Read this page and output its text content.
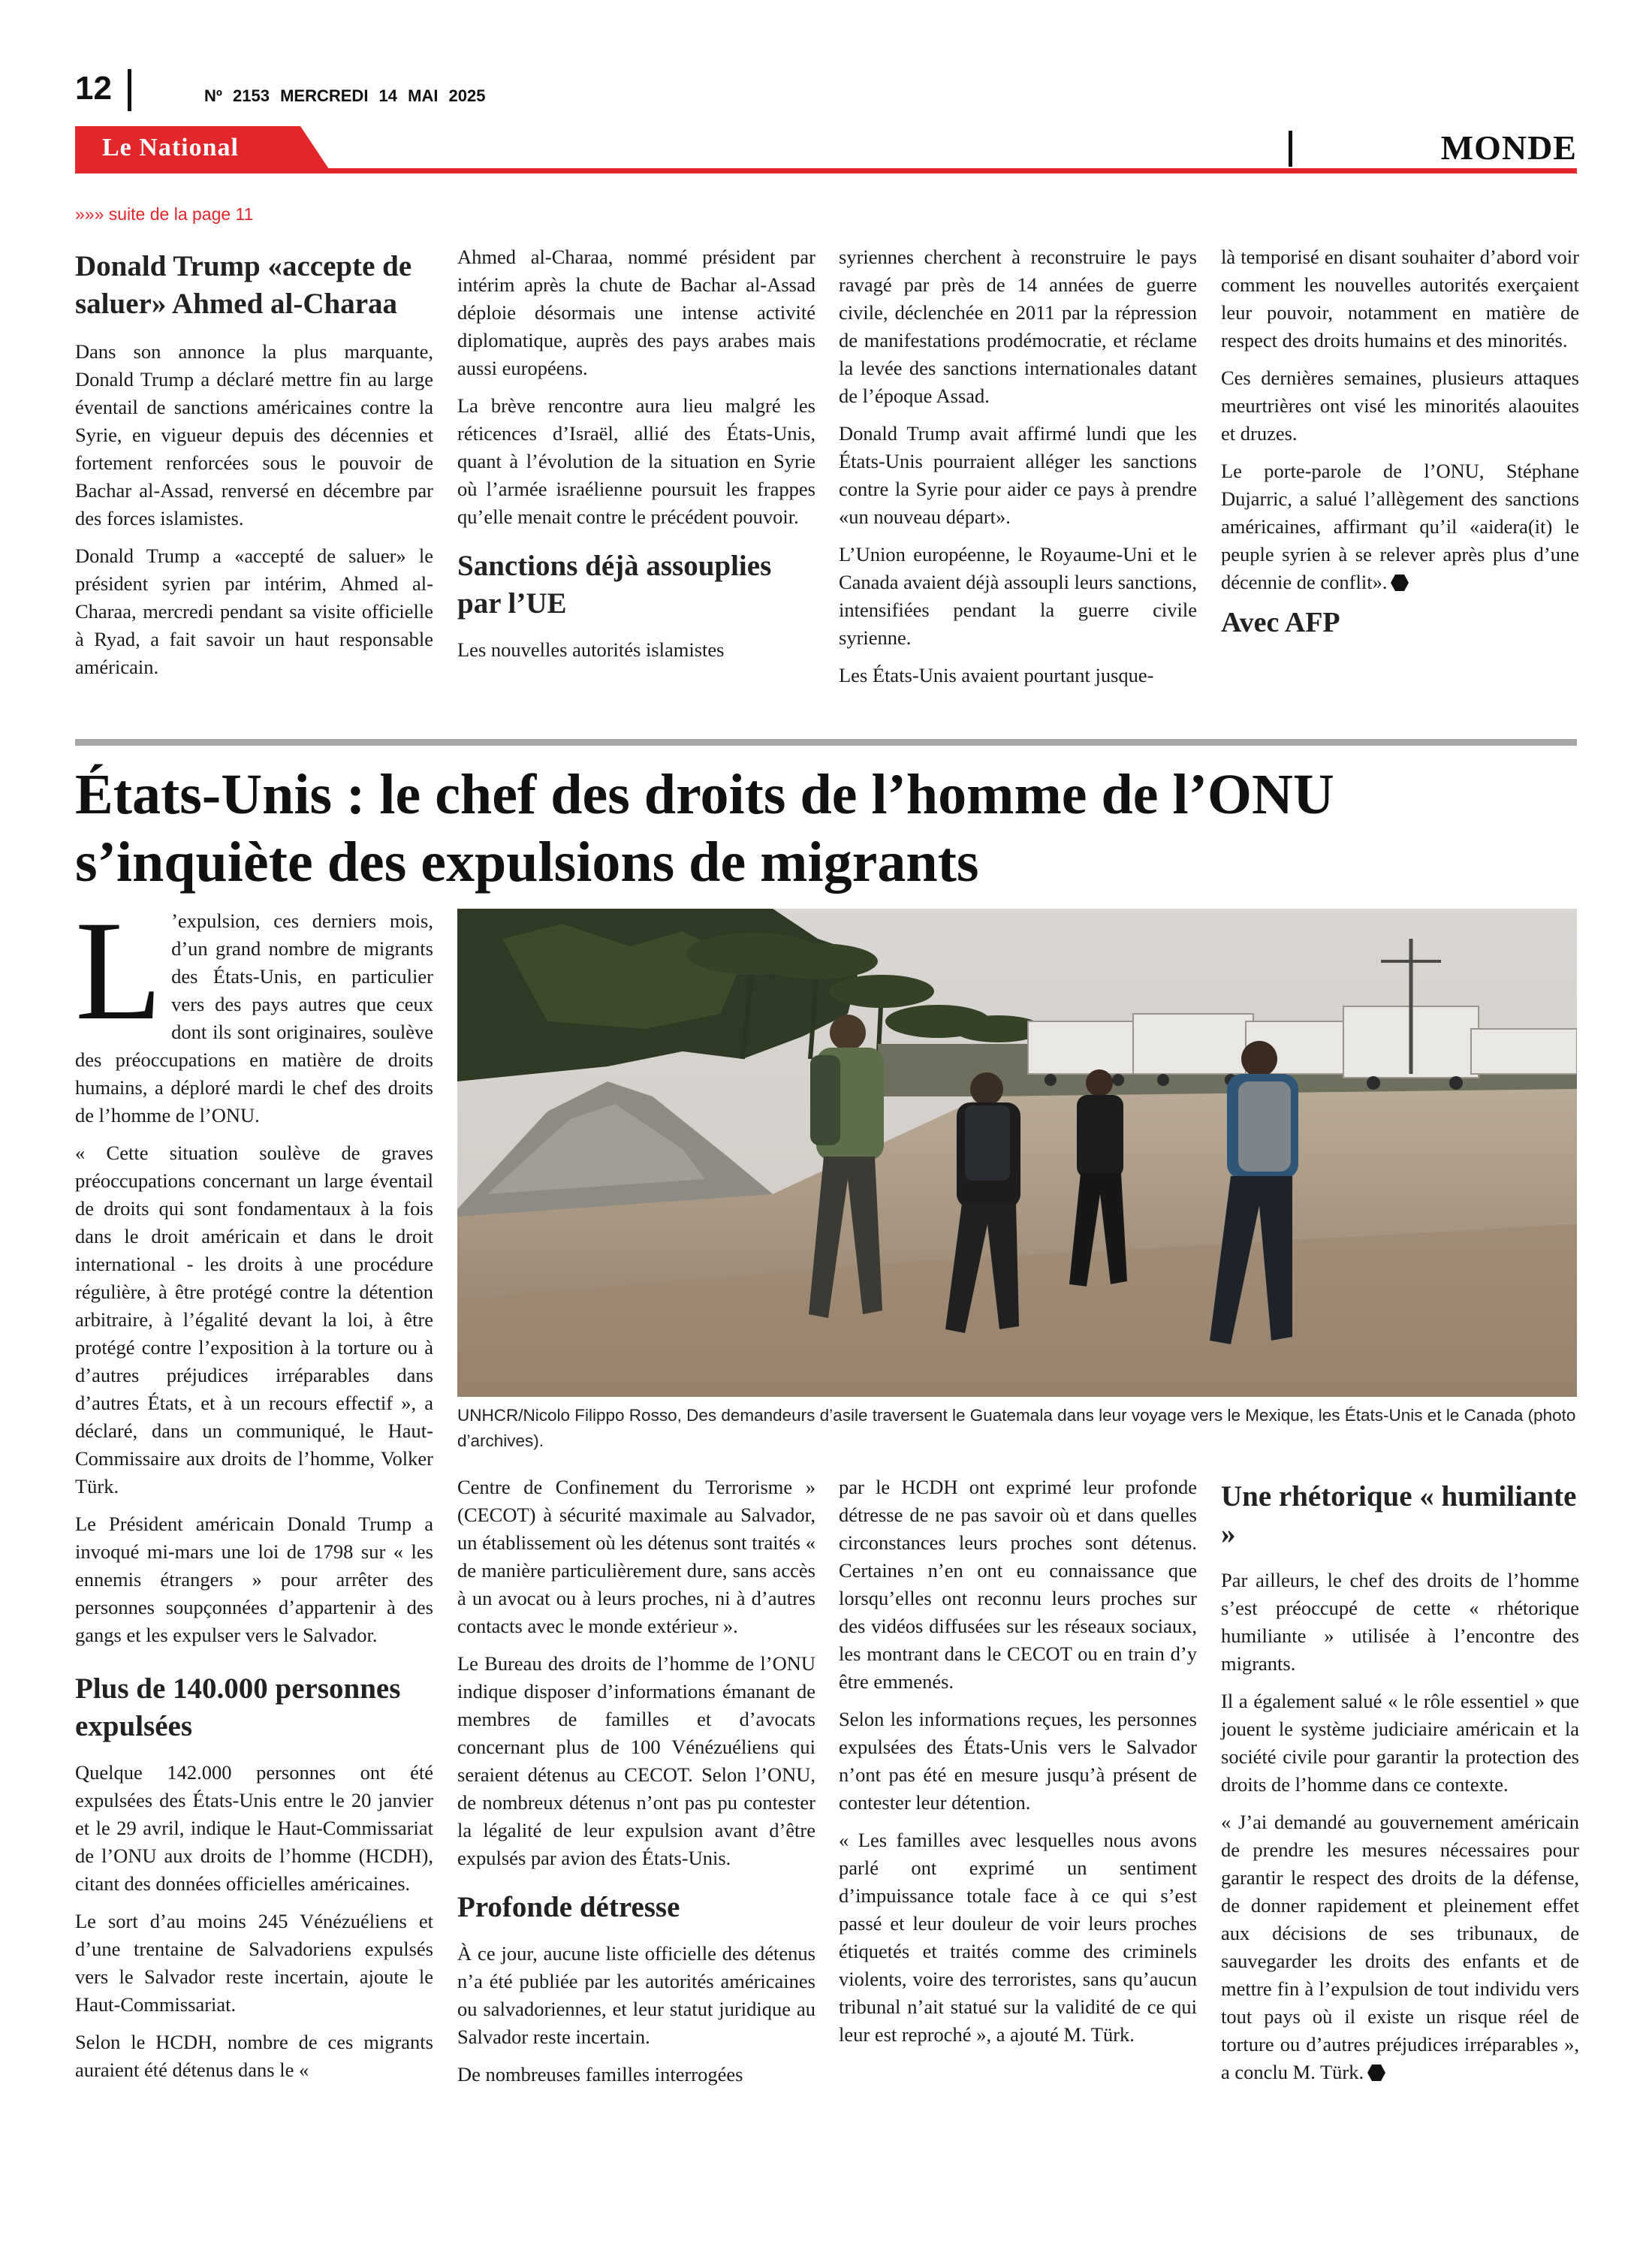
12	Nº 2153 MERCREDI 14 MAI 2025
Le National	MONDE
»»» suite de la page 11
Donald Trump «accepte de saluer» Ahmed al-Charaa

Dans son annonce la plus marquante, Donald Trump a déclaré mettre fin au large éventail de sanctions américaines contre la Syrie, en vigueur depuis des décennies et fortement renforcées sous le pouvoir de Bachar al-Assad, renversé en décembre par des forces islamistes.

Donald Trump a «accepté de saluer» le président syrien par intérim, Ahmed al-Charaa, mercredi pendant sa visite officielle à Ryad, a fait savoir un haut responsable américain.

Ahmed al-Charaa, nommé président par intérim après la chute de Bachar al-Assad déploie désormais une intense activité diplomatique, auprès des pays arabes mais aussi européens.

La brève rencontre aura lieu malgré les réticences d’Israël, allié des États-Unis, quant à l’évolution de la situation en Syrie où l’armée israélienne poursuit les frappes qu’elle menait contre le précédent pouvoir.

Sanctions déjà assouplies par l’UE

Les nouvelles autorités islamistes

syriennes cherchent à reconstruire le pays ravagé par près de 14 années de guerre civile, déclenchée en 2011 par la répression de manifestations prodémocratie, et réclame la levée des sanctions internationales datant de l’époque Assad.

Donald Trump avait affirmé lundi que les États-Unis pourraient alléger les sanctions contre la Syrie pour aider ce pays à prendre «un nouveau départ».

L’Union européenne, le Royaume-Uni et le Canada avaient déjà assoupli leurs sanctions, intensifiées pendant la guerre civile syrienne.

Les États-Unis avaient pourtant jusque-

là temporisé en disant souhaiter d’abord voir comment les nouvelles autorités exerçaient leur pouvoir, notamment en matière de respect des droits humains et des minorités.

Ces dernières semaines, plusieurs attaques meurtrières ont visé les minorités alaouites et druzes.

Le porte-parole de l’ONU, Stéphane Dujarric, a salué l’allègement des sanctions américaines, affirmant qu’il «aidera(it) le peuple syrien à se relever après plus d’une décennie de conflit».

Avec AFP
États-Unis : le chef des droits de l’homme de l’ONU s’inquiète des expulsions de migrants

L ’expulsion, ces derniers mois, d’un grand nombre de migrants des États-Unis, en particulier vers des pays autres que ceux dont ils sont originaires, soulève des préoccupations en matière de droits humains, a déploré mardi le chef des droits de l’homme de l’ONU.

« Cette situation soulève de graves préoccupations concernant un large éventail de droits qui sont fondamentaux à la fois dans le droit américain et dans le droit international - les droits à une procédure régulière, à être protégé contre la détention arbitraire, à l’égalité devant la loi, à être protégé contre l’exposition à la torture ou à d’autres préjudices irréparables dans d’autres États, et à un recours effectif », a déclaré, dans un communiqué, le Haut-Commissaire aux droits de l’homme, Volker Türk.

Le Président américain Donald Trump a invoqué mi-mars une loi de 1798 sur « les ennemis étrangers » pour arrêter des personnes soupçonnées d’appartenir à des gangs et les expulser vers le Salvador.

Plus de 140.000 personnes expulsées

Quelque 142.000 personnes ont été expulsées des États-Unis entre le 20 janvier et le 29 avril, indique le Haut-Commissariat de l’ONU aux droits de l’homme (HCDH), citant des données officielles américaines.

Le sort d’au moins 245 Vénézuéliens et d’une trentaine de Salvadoriens expulsés vers le Salvador reste incertain, ajoute le Haut-Commissariat.

Selon le HCDH, nombre de ces migrants auraient été détenus dans le «

UNHCR/Nicolo Filippo Rosso, Des demandeurs d’asile traversent le Guatemala dans leur voyage vers le Mexique, les États-Unis et le Canada (photo d’archives).

Centre de Confinement du Terrorisme » (CECOT) à sécurité maximale au Salvador, un établissement où les détenus sont traités « de manière particulièrement dure, sans accès à un avocat ou à leurs proches, ni à d’autres contacts avec le monde extérieur ».

Le Bureau des droits de l’homme de l’ONU indique disposer d’informations émanant de membres de familles et d’avocats concernant plus de 100 Vénézuéliens qui seraient détenus au CECOT. Selon l’ONU, de nombreux détenus n’ont pas pu contester la légalité de leur expulsion avant d’être expulsés par avion des États-Unis.

Profonde détresse

À ce jour, aucune liste officielle des détenus n’a été publiée par les autorités américaines ou salvadoriennes, et leur statut juridique au Salvador reste incertain.

De nombreuses familles interrogées

par le HCDH ont exprimé leur profonde détresse de ne pas savoir où et dans quelles circonstances leurs proches sont détenus. Certaines n’en ont eu connaissance que lorsqu’elles ont reconnu leurs proches sur des vidéos diffusées sur les réseaux sociaux, les montrant dans le CECOT ou en train d’y être emmenés.

Selon les informations reçues, les personnes expulsées des États-Unis vers le Salvador n’ont pas été en mesure jusqu’à présent de contester leur détention.

« Les familles avec lesquelles nous avons parlé ont exprimé un sentiment d’impuissance totale face à ce qui s’est passé et leur douleur de voir leurs proches étiquetés et traités comme des criminels violents, voire des terroristes, sans qu’aucun tribunal n’ait statué sur la validité de ce qui leur est reproché », a ajouté M. Türk.

Une rhétorique « humiliante »

Par ailleurs, le chef des droits de l’homme s’est préoccupé de cette « rhétorique humiliante » utilisée à l’encontre des migrants.

Il a également salué « le rôle essentiel » que jouent le système judiciaire américain et la société civile pour garantir la protection des droits de l’homme dans ce contexte.

« J’ai demandé au gouvernement américain de prendre les mesures nécessaires pour garantir le respect des droits de la défense, de donner rapidement et pleinement effet aux décisions de ses tribunaux, de sauvegarder les droits des enfants et de mettre fin à l’expulsion de tout individu vers tout pays où il existe un risque réel de torture ou d’autres préjudices irréparables », a conclu M. Türk.
